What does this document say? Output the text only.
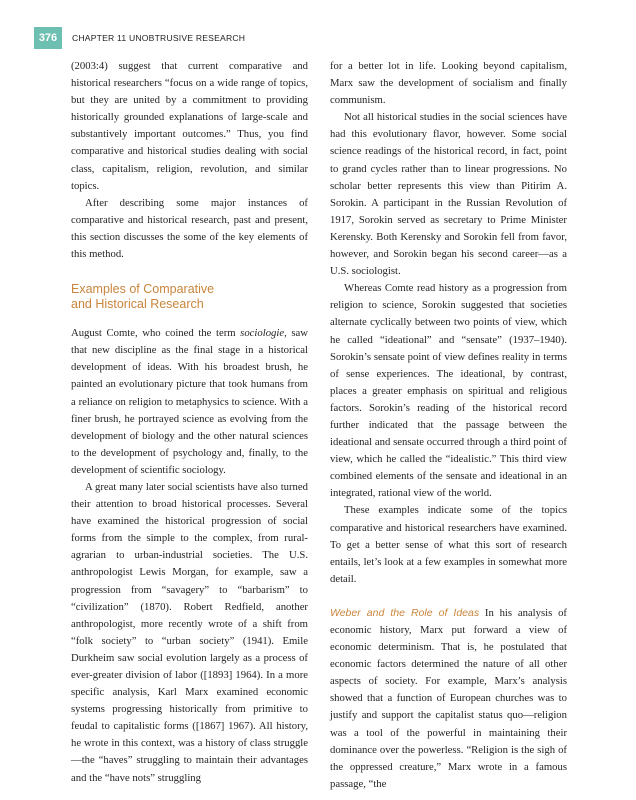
376	CHAPTER 11 UNOBTRUSIVE RESEARCH

(2003:4) suggest that current comparative and historical researchers “focus on a wide range of topics, but they are united by a commitment to providing historically grounded explanations of large-scale and substantively important outcomes.” Thus, you find comparative and historical studies dealing with social class, capitalism, religion, revolution, and similar topics.

After describing some major instances of comparative and historical research, past and present, this section discusses the some of the key elements of this method.

Examples of Comparative
and Historical Research

August Comte, who coined the term sociologie, saw that new discipline as the final stage in a historical development of ideas. With his broadest brush, he painted an evolutionary picture that took humans from a reliance on religion to metaphysics to science. With a finer brush, he portrayed science as evolving from the development of biology and the other natural sciences to the development of psychology and, finally, to the development of scientific sociology.

A great many later social scientists have also turned their attention to broad historical processes. Several have examined the historical progression of social forms from the simple to the complex, from rural-agrarian to urban-industrial societies. The U.S. anthropologist Lewis Morgan, for example, saw a progression from “savagery” to “barbarism” to “civilization” (1870). Robert Redfield, another anthropologist, more recently wrote of a shift from “folk society” to “urban society” (1941). Emile Durkheim saw social evolution largely as a process of ever-greater division of labor ([1893] 1964). In a more specific analysis, Karl Marx examined economic systems progressing historically from primitive to feudal to capitalistic forms ([1867] 1967). All history, he wrote in this context, was a history of class struggle—the “haves” struggling to maintain their advantages and the “have nots” struggling

for a better lot in life. Looking beyond capitalism, Marx saw the development of socialism and finally communism.

Not all historical studies in the social sciences have had this evolutionary flavor, however. Some social science readings of the historical record, in fact, point to grand cycles rather than to linear progressions. No scholar better represents this view than Pitirim A. Sorokin. A participant in the Russian Revolution of 1917, Sorokin served as secretary to Prime Minister Kerensky. Both Kerensky and Sorokin fell from favor, however, and Sorokin began his second career—as a U.S. sociologist.

Whereas Comte read history as a progression from religion to science, Sorokin suggested that societies alternate cyclically between two points of view, which he called “ideational” and “sensate” (1937–1940). Sorokin’s sensate point of view defines reality in terms of sense experiences. The ideational, by contrast, places a greater emphasis on spiritual and religious factors. Sorokin’s reading of the historical record further indicated that the passage between the ideational and sensate occurred through a third point of view, which he called the “idealistic.” This third view combined elements of the sensate and ideational in an integrated, rational view of the world.

These examples indicate some of the topics comparative and historical researchers have examined. To get a better sense of what this sort of research entails, let’s look at a few examples in somewhat more detail.

Weber and the Role of Ideas In his analysis of economic history, Marx put forward a view of economic determinism. That is, he postulated that economic factors determined the nature of all other aspects of society. For example, Marx’s analysis showed that a function of European churches was to justify and support the capitalist status quo—religion was a tool of the powerful in maintaining their dominance over the powerless. “Religion is the sigh of the oppressed creature,” Marx wrote in a famous passage, “the
